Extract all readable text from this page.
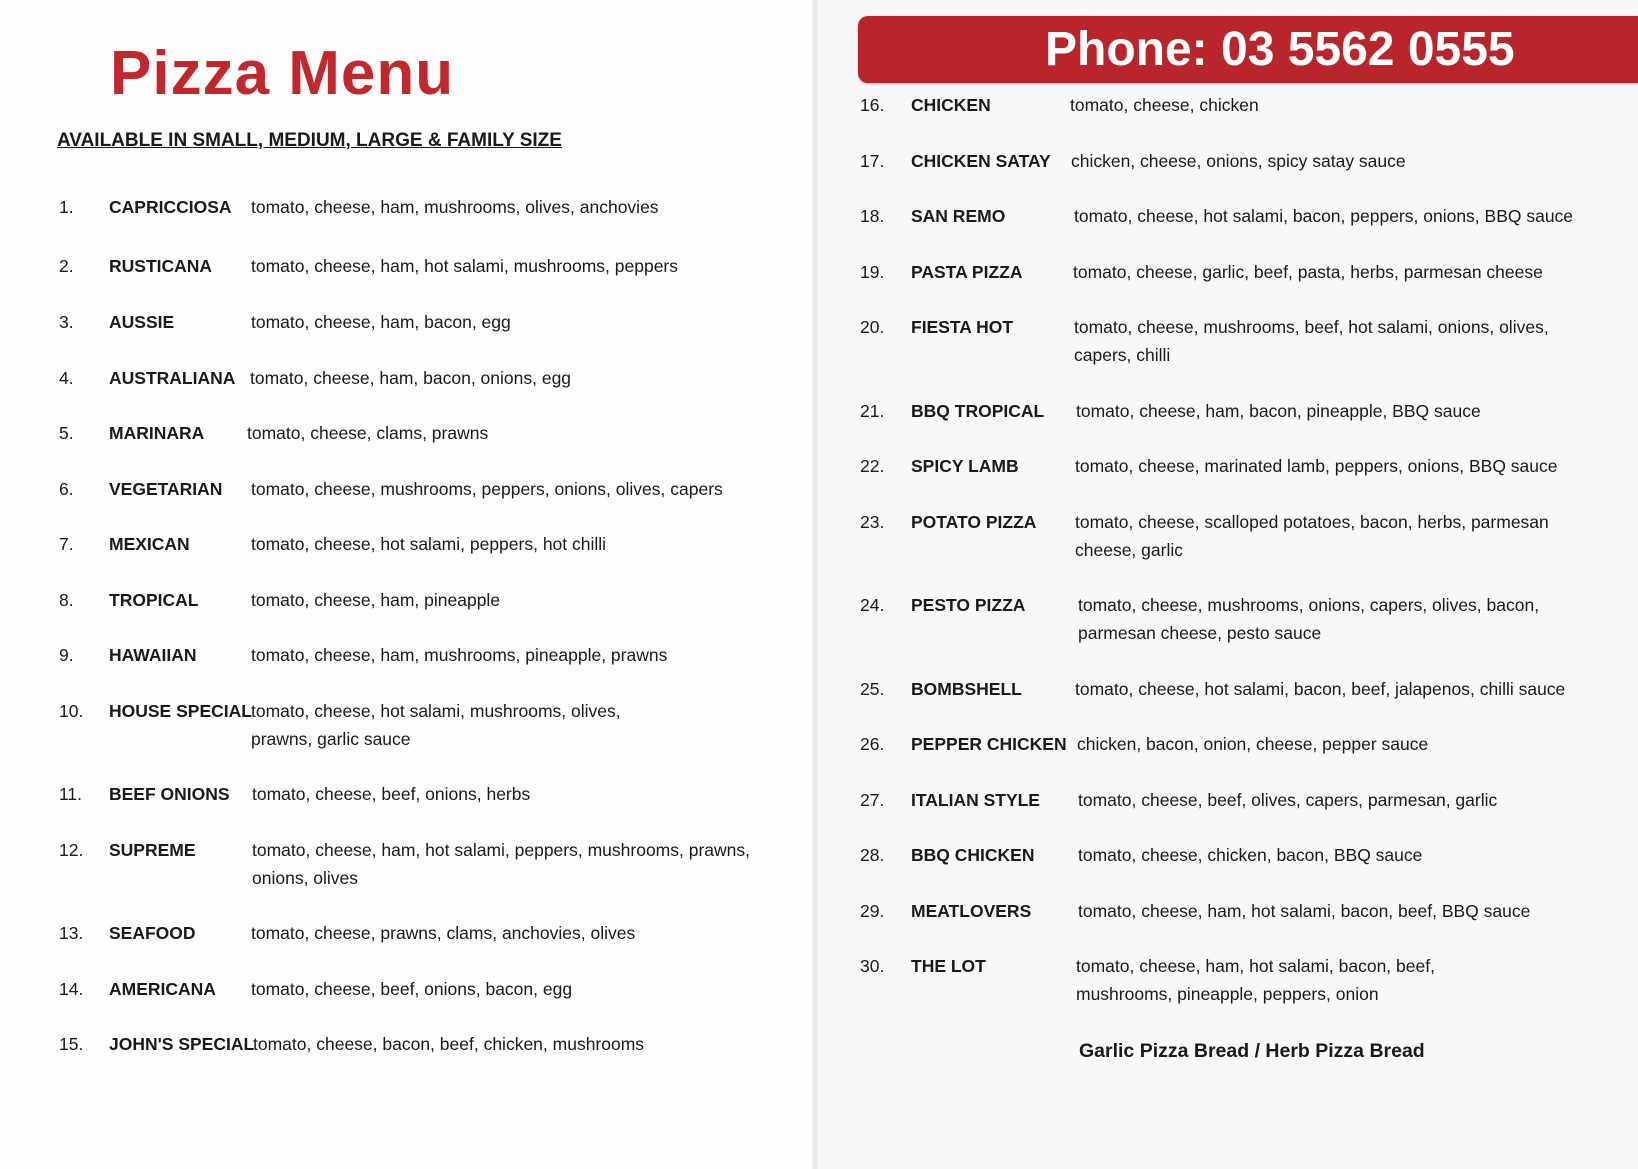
Pizza Menu

AVAILABLE IN SMALL, MEDIUM, LARGE & FAMILY SIZE

Phone: 03 5562 0555
1. CAPRICCIOSA tomato, cheese, ham, mushrooms, olives, anchovies
2. RUSTICANA tomato, cheese, ham, hot salami, mushrooms, peppers
3. AUSSIE	tomato, cheese, ham, bacon, egg
4. AUSTRALIANA tomato, cheese, ham, bacon, onions, egg
5. MARINARA tomato, cheese, clams, prawns
6. VEGETARIAN tomato, cheese, mushrooms, peppers, onions, olives, capers
7. MEXICAN	tomato, cheese, hot salami, peppers, hot chilli
8. TROPICAL	tomato, cheese, ham, pineapple
9. HAWAIIAN	tomato, cheese, ham, mushrooms, pineapple, prawns
10. HOUSE SPECIAL tomato, cheese, hot salami, mushrooms, olives, prawns, garlic sauce
11. BEEF ONIONS tomato, cheese, beef, onions, herbs
12. SUPREME	tomato, cheese, ham, hot salami, peppers, mushrooms, prawns, onions, olives
13. SEAFOOD	tomato, cheese, prawns, clams, anchovies, olives
14. AMERICANA tomato, cheese, beef, onions, bacon, egg
15. JOHN'S SPECIAL
tomato, cheese, bacon, beef, chicken, mushrooms
16. CHICKEN	tomato, cheese, chicken
17. CHICKEN SATAY chicken, cheese, onions, spicy satay sauce
18. SAN REMO	tomato, cheese, hot salami, bacon, peppers, onions, BBQ sauce
19. PASTA PIZZA	tomato, cheese, garlic, beef, pasta, herbs, parmesan cheese
20. FIESTA HOT	tomato, cheese, mushrooms, beef, hot salami, onions, olives, capers, chilli
21. BBQ TROPICAL tomato, cheese, ham, bacon, pineapple, BBQ sauce
22. SPICY LAMB	tomato, cheese, marinated lamb, peppers, onions, BBQ sauce
23. POTATO PIZZA tomato, cheese, scalloped potatoes, bacon, herbs, parmesan cheese, garlic
24. PESTO PIZZA	tomato, cheese, mushrooms, onions, capers, olives, bacon, parmesan cheese, pesto sauce
25. BOMBSHELL	tomato, cheese, hot salami, bacon, beef, jalapenos, chilli sauce
26. PEPPER CHICKEN chicken, bacon, onion, cheese, pepper sauce
27. ITALIAN STYLE tomato, cheese, beef, olives, capers, parmesan, garlic
28. BBQ CHICKEN tomato, cheese, chicken, bacon, BBQ sauce
29. MEATLOVERS	tomato, cheese, ham, hot salami, bacon, beef, BBQ sauce
30. THE LOT	tomato, cheese, ham, hot salami, bacon, beef, mushrooms, pineapple, peppers, onion
Garlic Pizza Bread / Herb Pizza Bread
